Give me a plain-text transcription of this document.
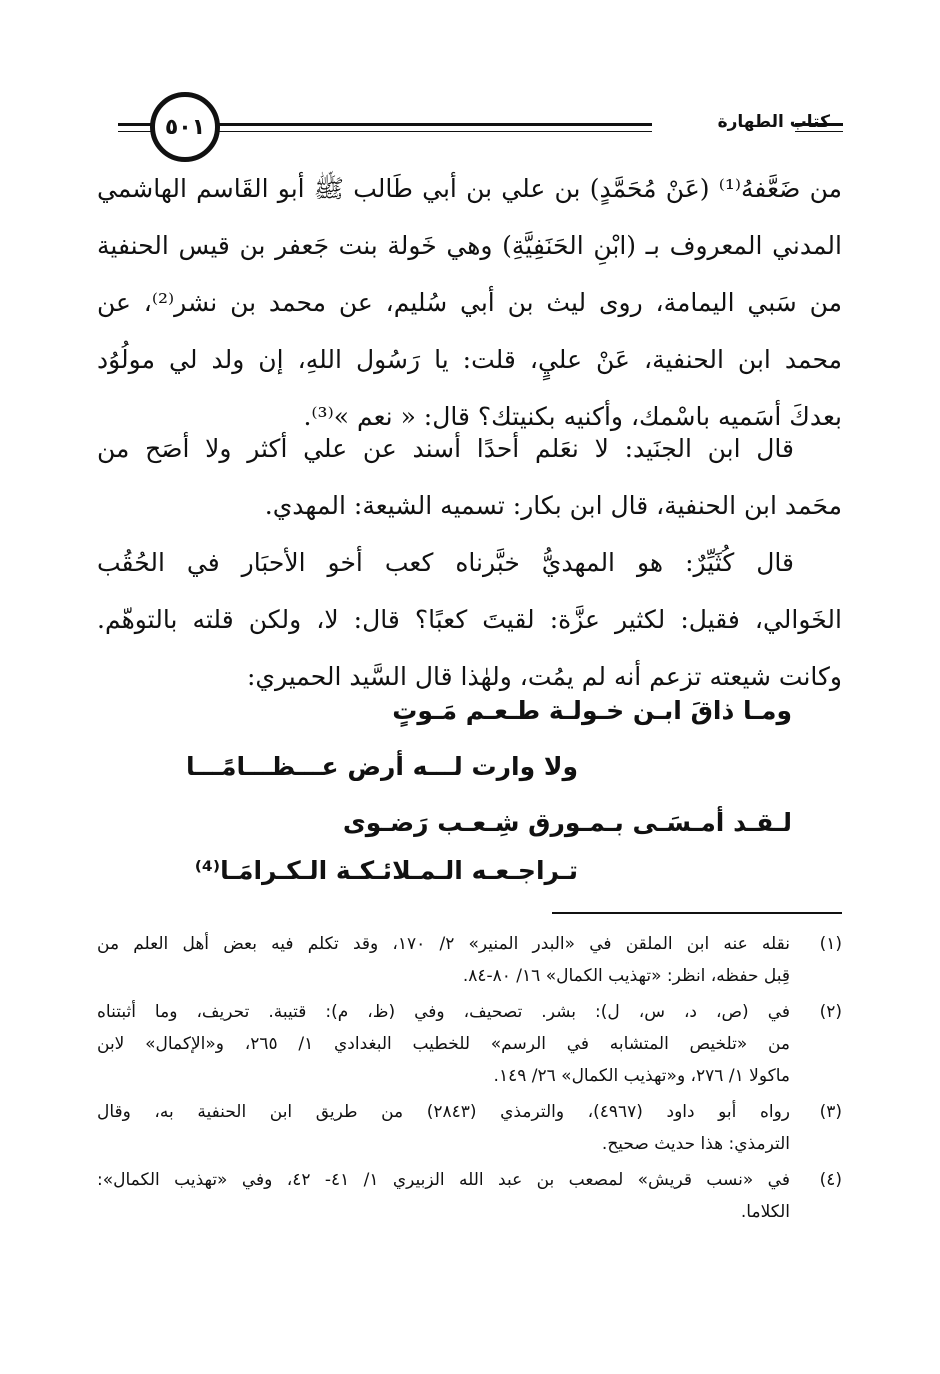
٥٠١	كتاب الطهارة
من ضَعَّفهُ⁽¹⁾ (عَنْ مُحَمَّدٍ) بن علي بن أبي طَالب ﷺ أبو القَاسم الهاشمي
المدني المعروف بـ (ابْنِ الحَنَفِيَّةِ) وهي خَولة بنت جَعفر بن قيس الحنفية
من سَبي اليمامة، روى ليث بن أبي سُليم، عن محمد بن نشر⁽²⁾، عن
محمد ابن الحنفية، عَنْ عليٍ، قلت: يا رَسُول اللهِ، إن ولد لي مولُوُد
بعدكَ أسَميه باسْمك، وأكنيه بكنيتك؟ قال: « نعم »⁽³⁾.
قال ابن الجنَيد: لا نعَلم أحدًا أسند عن علي أكثر ولا أصَح من
محَمد ابن الحنفية، قال ابن بكار: تسميه الشيعة: المهدي.
قال كُثَيِّرٌ: هو المهديُّ خبَّرناه كعب أخو الأحبَار في الحُقُب
الخَوالي، فقيل: لكثير عزَّة: لقيتَ كعبًا؟ قال: لا، ولكن قلته بالتوهّم.
وكانت شيعته تزعم أنه لم يمُت، ولهٰذا قال السَّيد الحميري:
ومـا ذاقَ ابـن خـولـة طـعـم مَـوتٍ
ولا وارت لـــه أرض عـــظـــامًـــا
لـقـد أمـسَـى بـمـورق شِـعـب رَضـوى
تـراجـعـه الـمـلائـكـة الـكـرامَـا⁽⁴⁾
(١)
نقله عنه ابن الملقن في «البدر المنير» ٢/ ١٧٠، وقد تكلم فيه بعض أهل العلم من
قِبل حفظه، انظر: «تهذيب الكمال» ١٦/ ٨٠-٨٤.
(٢)
في (ص، د، س، ل): بشر. تصحيف، وفي (ظ، م): قتيبة. تحريف، وما أثبتناه
من «تلخيص المتشابه في الرسم» للخطيب البغدادي ١/ ٢٦٥، و«الإكمال» لابن
ماكولا ١/ ٢٧٦، و«تهذيب الكمال» ٢٦/ ١٤٩.
(٣)
رواه أبو داود (٤٩٦٧)، والترمذي (٢٨٤٣) من طريق ابن الحنفية به، وقال
الترمذي: هذا حديث صحيح.
(٤)
في «نسب قريش» لمصعب بن عبد الله الزبيري ١/ ٤١- ٤٢، وفي «تهذيب الكمال»:
الكلاما.
